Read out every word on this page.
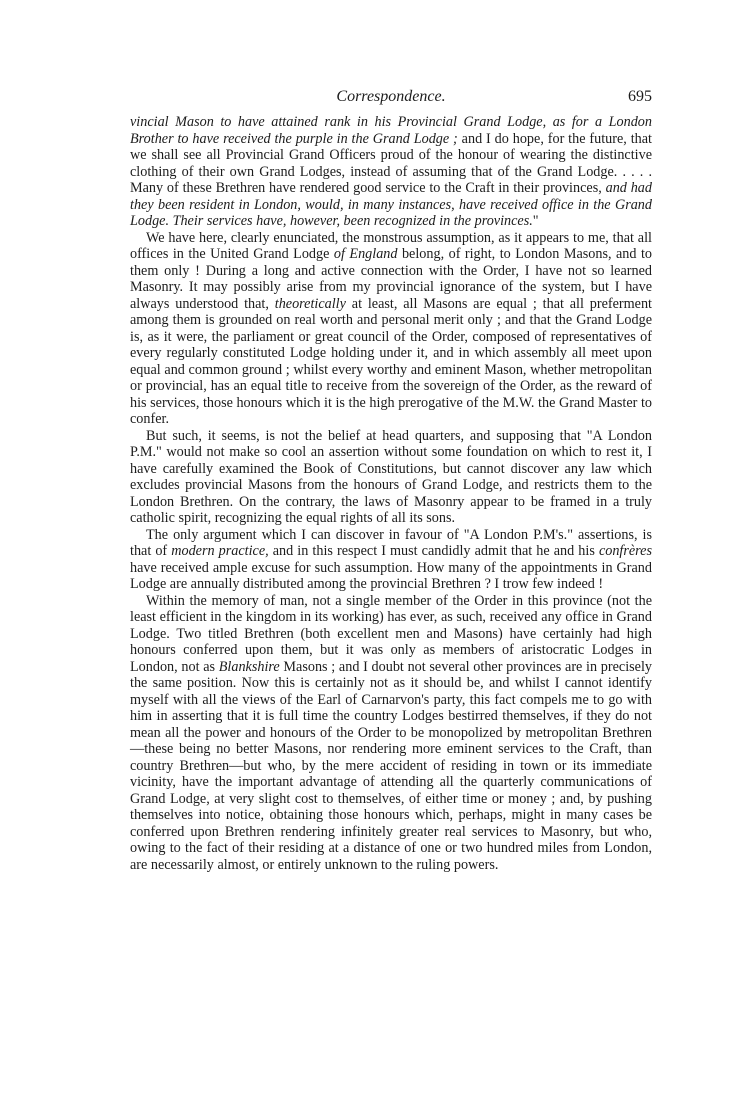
Correspondence.	695

vincial Mason to have attained rank in his Provincial Grand Lodge, as for a London Brother to have received the purple in the Grand Lodge ; and I do hope, for the future, that we shall see all Provincial Grand Officers proud of the honour of wearing the distinctive clothing of their own Grand Lodges, instead of assuming that of the Grand Lodge. . . . . Many of these Brethren have rendered good service to the Craft in their provinces, and had they been resident in London, would, in many instances, have received office in the Grand Lodge. Their services have, however, been recognized in the provinces."

We have here, clearly enunciated, the monstrous assumption, as it appears to me, that all offices in the United Grand Lodge of England belong, of right, to London Masons, and to them only ! During a long and active connection with the Order, I have not so learned Masonry. It may possibly arise from my provincial ignorance of the system, but I have always understood that, theoretically at least, all Masons are equal ; that all preferment among them is grounded on real worth and personal merit only ; and that the Grand Lodge is, as it were, the parliament or great council of the Order, composed of representatives of every regularly constituted Lodge holding under it, and in which assembly all meet upon equal and common ground ; whilst every worthy and eminent Mason, whether metropolitan or provincial, has an equal title to receive from the sovereign of the Order, as the reward of his services, those honours which it is the high prerogative of the M.W. the Grand Master to confer.

But such, it seems, is not the belief at head quarters, and supposing that "A London P.M." would not make so cool an assertion without some foundation on which to rest it, I have carefully examined the Book of Constitutions, but cannot discover any law which excludes provincial Masons from the honours of Grand Lodge, and restricts them to the London Brethren. On the contrary, the laws of Masonry appear to be framed in a truly catholic spirit, recognizing the equal rights of all its sons.

The only argument which I can discover in favour of "A London P.M's." assertions, is that of modern practice, and in this respect I must candidly admit that he and his confrères have received ample excuse for such assumption. How many of the appointments in Grand Lodge are annually distributed among the provincial Brethren ? I trow few indeed !

Within the memory of man, not a single member of the Order in this province (not the least efficient in the kingdom in its working) has ever, as such, received any office in Grand Lodge. Two titled Brethren (both excellent men and Masons) have certainly had high honours conferred upon them, but it was only as members of aristocratic Lodges in London, not as Blankshire Masons ; and I doubt not several other provinces are in precisely the same position. Now this is certainly not as it should be, and whilst I cannot identify myself with all the views of the Earl of Carnarvon's party, this fact compels me to go with him in asserting that it is full time the country Lodges bestirred themselves, if they do not mean all the power and honours of the Order to be monopolized by metropolitan Brethren—these being no better Masons, nor rendering more eminent services to the Craft, than country Brethren—but who, by the mere accident of residing in town or its immediate vicinity, have the important advantage of attending all the quarterly communications of Grand Lodge, at very slight cost to themselves, of either time or money ; and, by pushing themselves into notice, obtaining those honours which, perhaps, might in many cases be conferred upon Brethren rendering infinitely greater real services to Masonry, but who, owing to the fact of their residing at a distance of one or two hundred miles from London, are necessarily almost, or entirely unknown to the ruling powers.
